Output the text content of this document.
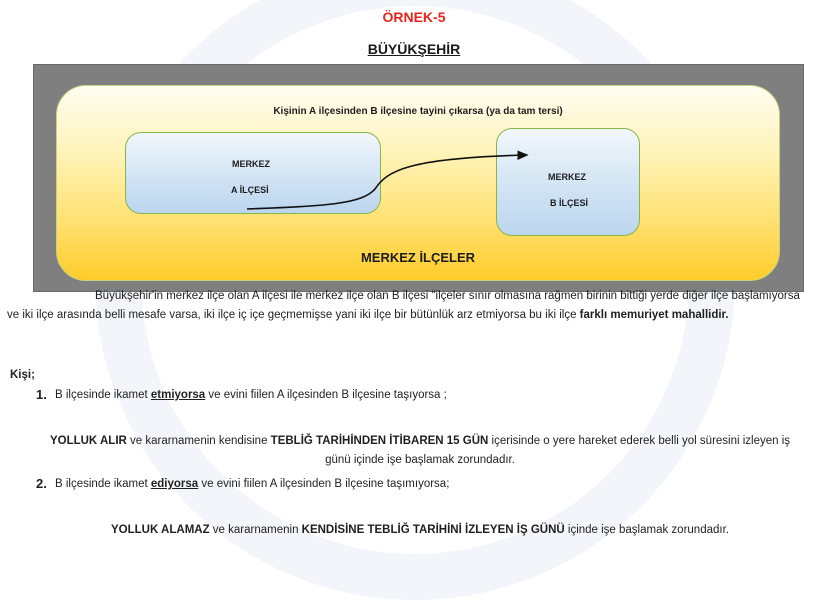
ÖRNEK-5
BÜYÜKŞEHİR
Kişinin A ilçesinden B ilçesine tayini çıkarsa (ya da tam tersi)
MERKEZ
A İLÇESİ
MERKEZ
B İLÇESİ
MERKEZ İLÇELER
Büyükşehir'in merkez ilçe olan A ilçesi ile merkez ilçe olan B ilçesi "ilçeler sınır olmasına rağmen birinin bittiği yerde diğer ilçe başlamıyorsa ve iki ilçe arasında belli mesafe varsa, iki ilçe iç içe geçmemişse yani iki ilçe bir bütünlük arz etmiyorsa bu iki ilçe farklı memuriyet mahallidir.
Kişi;
1. B ilçesinde ikamet etmiyorsa ve evini fiilen A ilçesinden B ilçesine taşıyorsa ;
YOLLUK ALIR ve kararnamenin kendisine TEBLİĞ TARİHİNDEN İTİBAREN 15 GÜN içerisinde o yere hareket ederek belli yol süresini izleyen iş günü içinde işe başlamak zorundadır.
2. B ilçesinde ikamet ediyorsa ve evini fiilen A ilçesinden B ilçesine taşımıyorsa;
YOLLUK ALAMAZ ve kararnamenin KENDİSİNE TEBLİĞ TARİHİNİ İZLEYEN İŞ GÜNÜ içinde işe başlamak zorundadır.
